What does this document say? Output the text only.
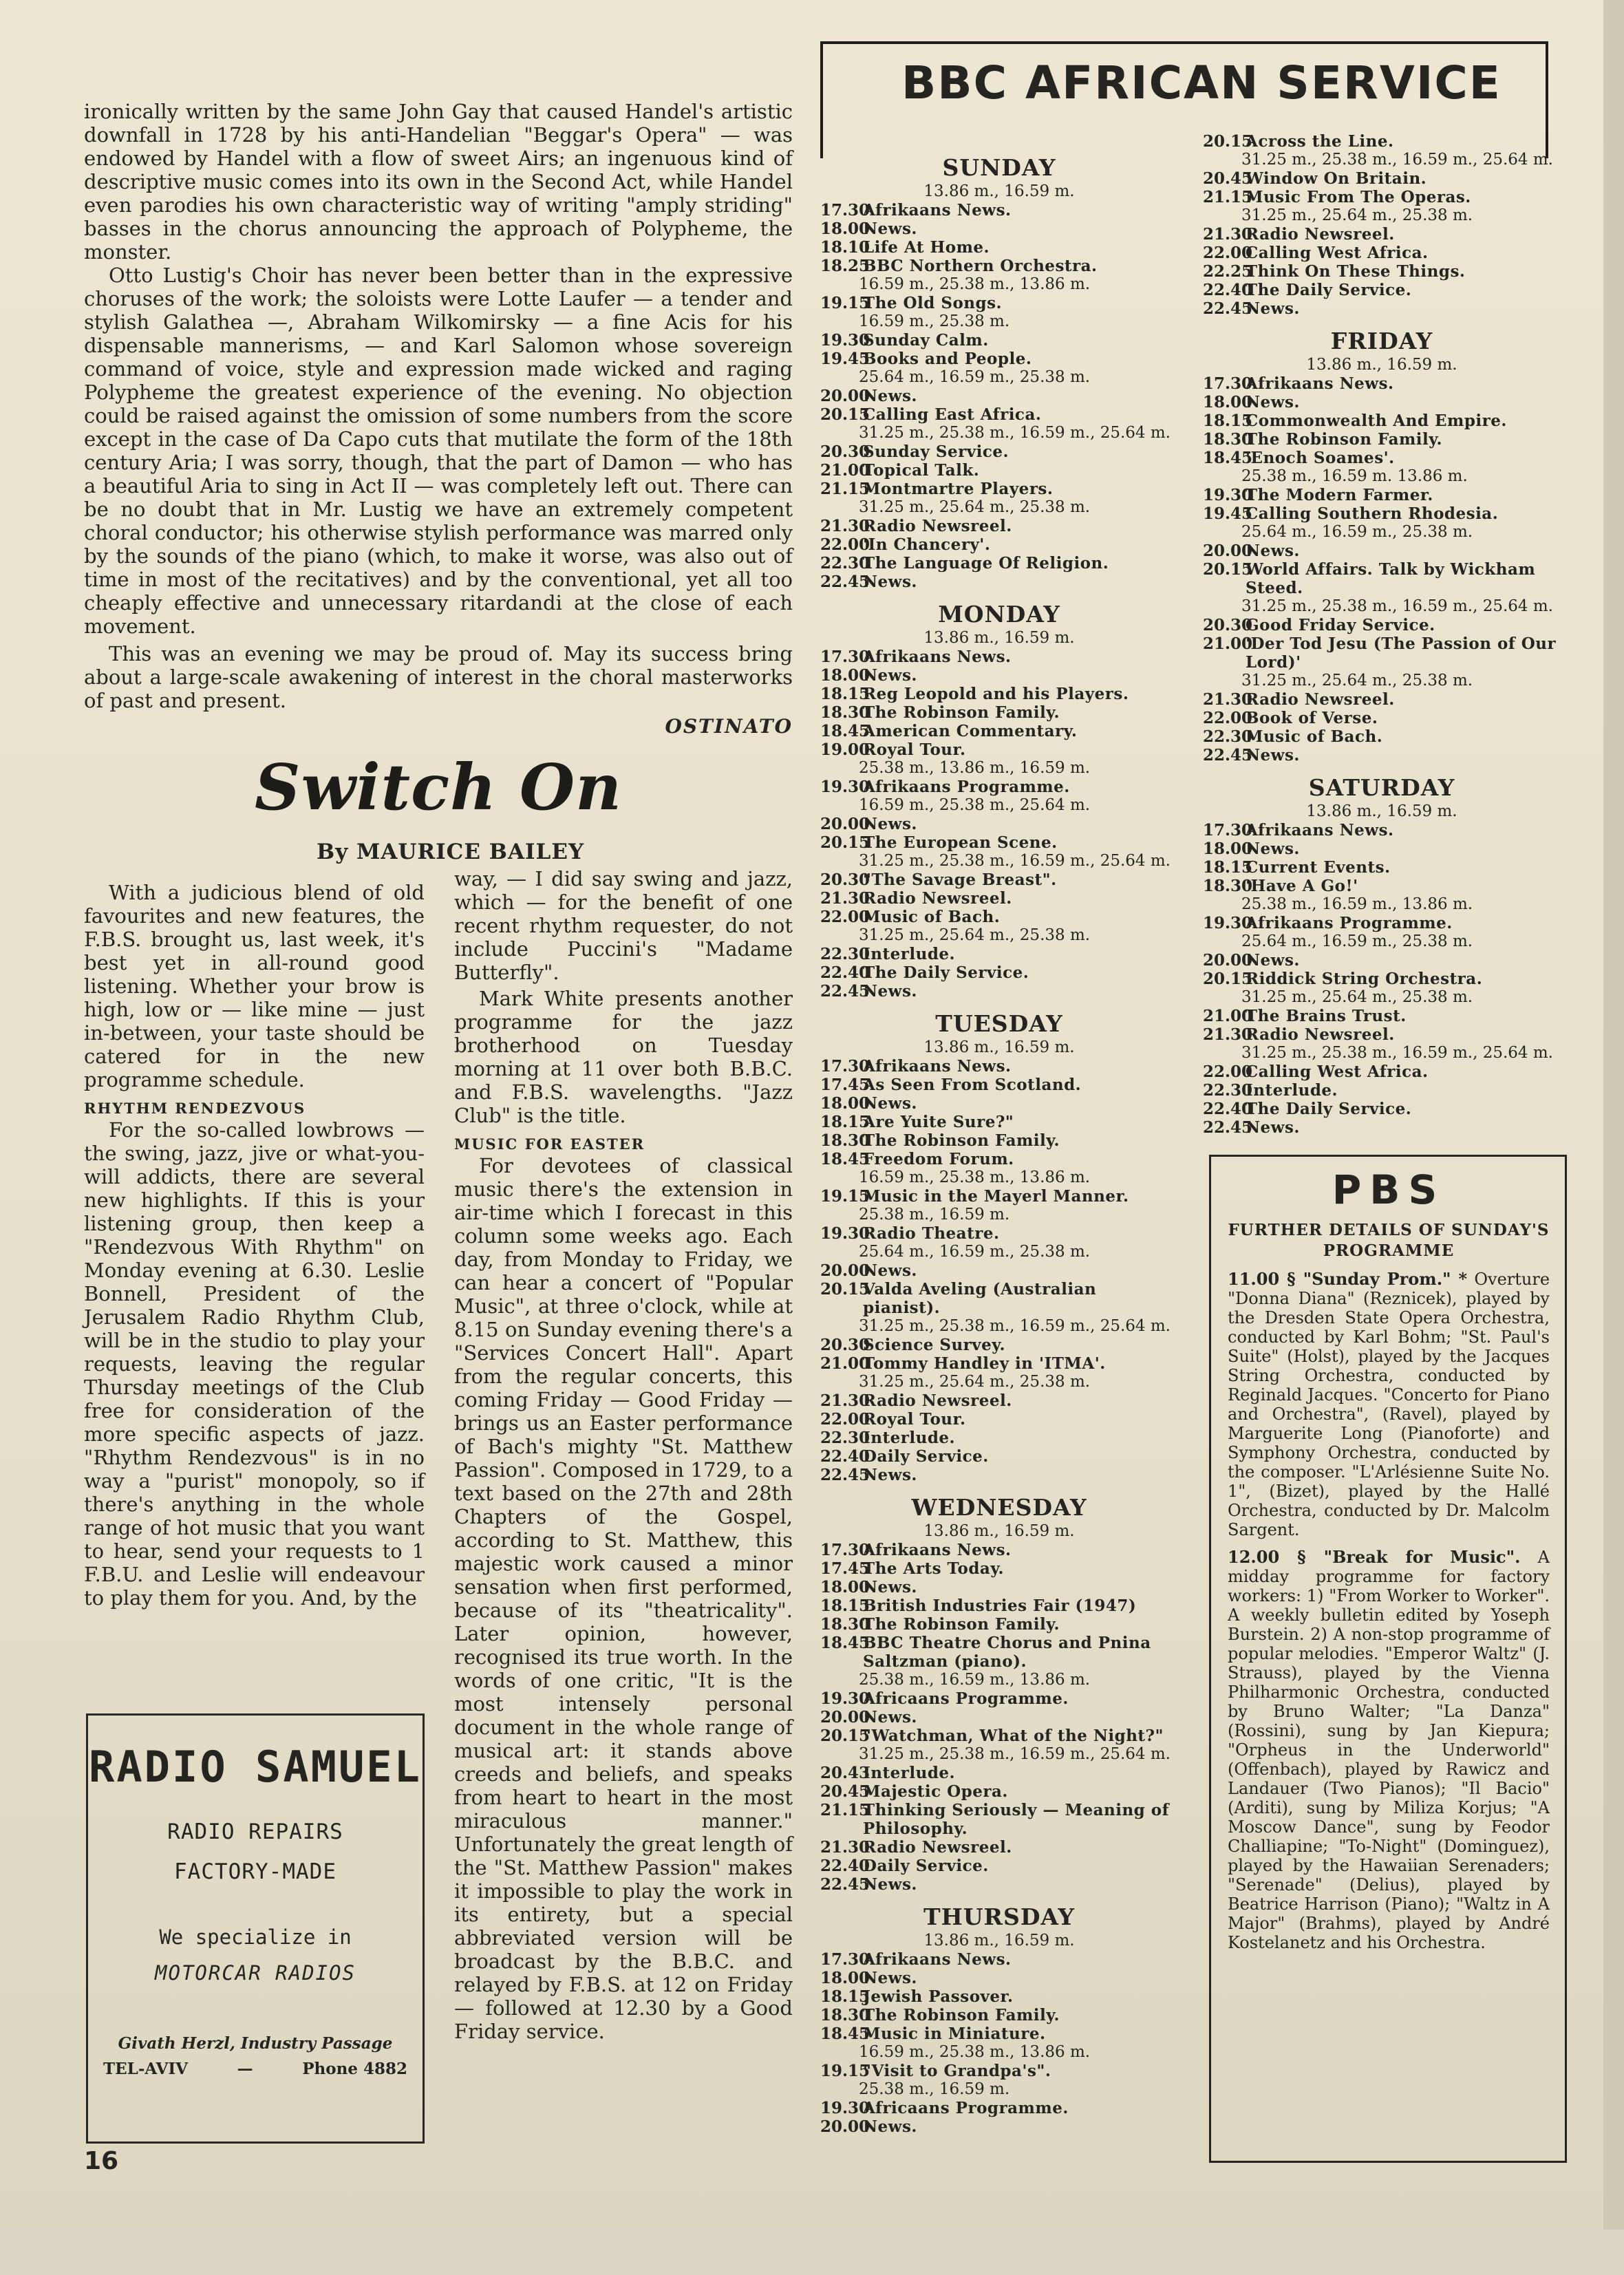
ironically written by the same John Gay that caused Handel's artistic downfall in 1728 by his anti-Handelian "Beggar's Opera" — was endowed by Handel with a flow of sweet Airs; an ingenuous kind of descriptive music comes into its own in the Second Act, while Handel even parodies his own characteristic way of writing "amply striding" basses in the chorus announcing the approach of Polypheme, the monster.

Otto Lustig's Choir has never been better than in the expressive choruses of the work; the soloists were Lotte Laufer — a tender and stylish Galathea —, Abraham Wilkomirsky — a fine Acis for his dispensable mannerisms, — and Karl Salomon whose sovereign command of voice, style and expression made wicked and raging Polypheme the greatest experience of the evening. No objection could be raised against the omission of some numbers from the score except in the case of Da Capo cuts that mutilate the form of the 18th century Aria; I was sorry, though, that the part of Damon — who has a beautiful Aria to sing in Act II — was completely left out. There can be no doubt that in Mr. Lustig we have an extremely competent choral conductor; his otherwise stylish performance was marred only by the sounds of the piano (which, to make it worse, was also out of time in most of the recitatives) and by the conventional, yet all too cheaply effective and unnecessary ritardandi at the close of each movement.

This was an evening we may be proud of. May its success bring about a large-scale awakening of interest in the choral masterworks of past and present.

OSTINATO

Switch On
By MAURICE BAILEY

With a judicious blend of old favourites and new features, the F.B.S. brought us, last week, it's best yet in all-round good listening. Whether your brow is high, low or — like mine — just in-between, your taste should be catered for in the new programme schedule.

RHYTHM RENDEZVOUS

For the so-called lowbrows — the swing, jazz, jive or what-you-will addicts, there are several new highlights. If this is your listening group, then keep a "Rendezvous With Rhythm" on Monday evening at 6.30. Leslie Bonnell, President of the Jerusalem Radio Rhythm Club, will be in the studio to play your requests, leaving the regular Thursday meetings of the Club free for consideration of the more specific aspects of jazz. "Rhythm Rendezvous" is in no way a "purist" monopoly, so if there's anything in the whole range of hot music that you want to hear, send your requests to 1 F.B.U. and Leslie will endeavour to play them for you. And, by the

way, — I did say swing and jazz, which — for the benefit of one recent rhythm requester, do not include Puccini's "Madame Butterfly".

Mark White presents another programme for the jazz brotherhood on Tuesday morning at 11 over both B.B.C. and F.B.S. wavelengths. "Jazz Club" is the title.

MUSIC FOR EASTER

For devotees of classical music there's the extension in air-time which I forecast in this column some weeks ago. Each day, from Monday to Friday, we can hear a concert of "Popular Music", at three o'clock, while at 8.15 on Sunday evening there's a "Services Concert Hall". Apart from the regular concerts, this coming Friday — Good Friday — brings us an Easter performance of Bach's mighty "St. Matthew Passion". Composed in 1729, to a text based on the 27th and 28th Chapters of the Gospel, according to St. Matthew, this majestic work caused a minor sensation when first performed, because of its "theatricality". Later opinion, however, recognised its true worth. In the words of one critic, "It is the most intensely personal document in the whole range of musical art: it stands above creeds and beliefs, and speaks from heart to heart in the most miraculous manner." Unfortunately the great length of the "St. Matthew Passion" makes it impossible to play the work in its entirety, but a special abbreviated version will be broadcast by the B.B.C. and relayed by F.B.S. at 12 on Friday — followed at 12.30 by a Good Friday service.

RADIO SAMUEL
RADIO REPAIRS
FACTORY-MADE
We specialize in
MOTORCAR RADIOS
Givath Herzl, Industry Passage
TEL-AVIV	—	Phone 4882
16
BBC AFRICAN SERVICE
SUNDAY
13.86 m., 16.59 m.
17.30
Afrikaans News.
18.00
News.
18.10
Life At Home.
18.25
BBC Northern Orchestra.
16.59 m., 25.38 m., 13.86 m.
19.15
The Old Songs.
16.59 m., 25.38 m.
19.30
Sunday Calm.
19.45
Books and People.
25.64 m., 16.59 m., 25.38 m.
20.00
News.
20.15
Calling East Africa.
31.25 m., 25.38 m., 16.59 m., 25.64 m.
20.30
Sunday Service.
21.00
Topical Talk.
21.15
Montmartre Players.
31.25 m., 25.64 m., 25.38 m.
21.30
Radio Newsreel.
22.00
'In Chancery'.
22.30
The Language Of Religion.
22.45
News.
MONDAY
13.86 m., 16.59 m.
17.30
Afrikaans News.
18.00
News.
18.15
Reg Leopold and his Players.
18.30
The Robinson Family.
18.45
American Commentary.
19.00
Royal Tour.
25.38 m., 13.86 m., 16.59 m.
19.30
Afrikaans Programme.
16.59 m., 25.38 m., 25.64 m.
20.00
News.
20.15
The European Scene.
31.25 m., 25.38 m., 16.59 m., 25.64 m.
20.30
"The Savage Breast".
21.30
Radio Newsreel.
22.00
Music of Bach.
31.25 m., 25.64 m., 25.38 m.
22.30
Interlude.
22.40
The Daily Service.
22.45
News.
TUESDAY
13.86 m., 16.59 m.
17.30
Afrikaans News.
17.45
As Seen From Scotland.
18.00
News.
18.15
Are Yuite Sure?"
18.30
The Robinson Family.
18.45
Freedom Forum.
16.59 m., 25.38 m., 13.86 m.
19.15
Music in the Mayerl Manner.
25.38 m., 16.59 m.
19.30
Radio Theatre.
25.64 m., 16.59 m., 25.38 m.
20.00
News.
20.15
Valda Aveling (Australian pianist).
31.25 m., 25.38 m., 16.59 m., 25.64 m.
20.30
Science Survey.
21.00
Tommy Handley in 'ITMA'.
31.25 m., 25.64 m., 25.38 m.
21.30
Radio Newsreel.
22.00
Royal Tour.
22.30
Interlude.
22.40
Daily Service.
22.45
News.
WEDNESDAY
13.86 m., 16.59 m.
17.30
Afrikaans News.
17.45
The Arts Today.
18.00
News.
18.15
British Industries Fair (1947)
18.30
The Robinson Family.
18.45
BBC Theatre Chorus and Pnina Saltzman (piano).
25.38 m., 16.59 m., 13.86 m.
19.30
Africaans Programme.
20.00
News.
20.15
"Watchman, What of the Night?"
31.25 m., 25.38 m., 16.59 m., 25.64 m.
20.43
Interlude.
20.45
Majestic Opera.
21.15
Thinking Seriously — Meaning of Philosophy.
21.30
Radio Newsreel.
22.40
Daily Service.
22.45
News.
THURSDAY
13.86 m., 16.59 m.
17.30
Afrikaans News.
18.00
News.
18.15
Jewish Passover.
18.30
The Robinson Family.
18.45
Music in Miniature.
16.59 m., 25.38 m., 13.86 m.
19.15
"Visit to Grandpa's".
25.38 m., 16.59 m.
19.30
Africaans Programme.
20.00
News.
20.15
Across the Line.
31.25 m., 25.38 m., 16.59 m., 25.64 m.
20.45
Window On Britain.
21.15
Music From The Operas.
31.25 m., 25.64 m., 25.38 m.
21.30
Radio Newsreel.
22.00
Calling West Africa.
22.25
Think On These Things.
22.40
The Daily Service.
22.45
News.
FRIDAY
13.86 m., 16.59 m.
17.30
Afrikaans News.
18.00
News.
18.15
Commonwealth And Empire.
18.30
The Robinson Family.
18.45
'Enoch Soames'.
25.38 m., 16.59 m. 13.86 m.
19.30
The Modern Farmer.
19.45
Calling Southern Rhodesia.
25.64 m., 16.59 m., 25.38 m.
20.00
News.
20.15
World Affairs. Talk by Wickham Steed.
31.25 m., 25.38 m., 16.59 m., 25.64 m.
20.30
Good Friday Service.
21.00
'Der Tod Jesu (The Passion of Our Lord)'
31.25 m., 25.64 m., 25.38 m.
21.30
Radio Newsreel.
22.00
Book of Verse.
22.30
Music of Bach.
22.45
News.
SATURDAY
13.86 m., 16.59 m.
17.30
Afrikaans News.
18.00
News.
18.15
Current Events.
18.30
'Have A Go!'
25.38 m., 16.59 m., 13.86 m.
19.30
Afrikaans Programme.
25.64 m., 16.59 m., 25.38 m.
20.00
News.
20.15
Riddick String Orchestra.
31.25 m., 25.64 m., 25.38 m.
21.00
The Brains Trust.
21.30
Radio Newsreel.
31.25 m., 25.38 m., 16.59 m., 25.64 m.
22.00
Calling West Africa.
22.30
Interlude.
22.40
The Daily Service.
22.45
News.
PBS
FURTHER DETAILS OF SUNDAY'S PROGRAMME
11.00 § "Sunday Prom." * Overture "Donna Diana" (Reznicek), played by the Dresden State Opera Orchestra, conducted by Karl Bohm; "St. Paul's Suite" (Holst), played by the Jacques String Orchestra, conducted by Reginald Jacques. "Concerto for Piano and Orchestra", (Ravel), played by Marguerite Long (Pianoforte) and Symphony Orchestra, conducted by the composer. "L'Arlésienne Suite No. 1", (Bizet), played by the Hallé Orchestra, conducted by Dr. Malcolm Sargent.
12.00 § "Break for Music". A midday programme for factory workers: 1) "From Worker to Worker". A weekly bulletin edited by Yoseph Burstein. 2) A non-stop programme of popular melodies. "Emperor Waltz" (J. Strauss), played by the Vienna Philharmonic Orchestra, conducted by Bruno Walter; "La Danza" (Rossini), sung by Jan Kiepura; "Orpheus in the Underworld" (Offenbach), played by Rawicz and Landauer (Two Pianos); "Il Bacio" (Arditi), sung by Miliza Korjus; "A Moscow Dance", sung by Feodor Challiapine; "To-Night" (Dominguez), played by the Hawaiian Serenaders; "Serenade" (Delius), played by Beatrice Harrison (Piano); "Waltz in A Major" (Brahms), played by André Kostelanetz and his Orchestra.
